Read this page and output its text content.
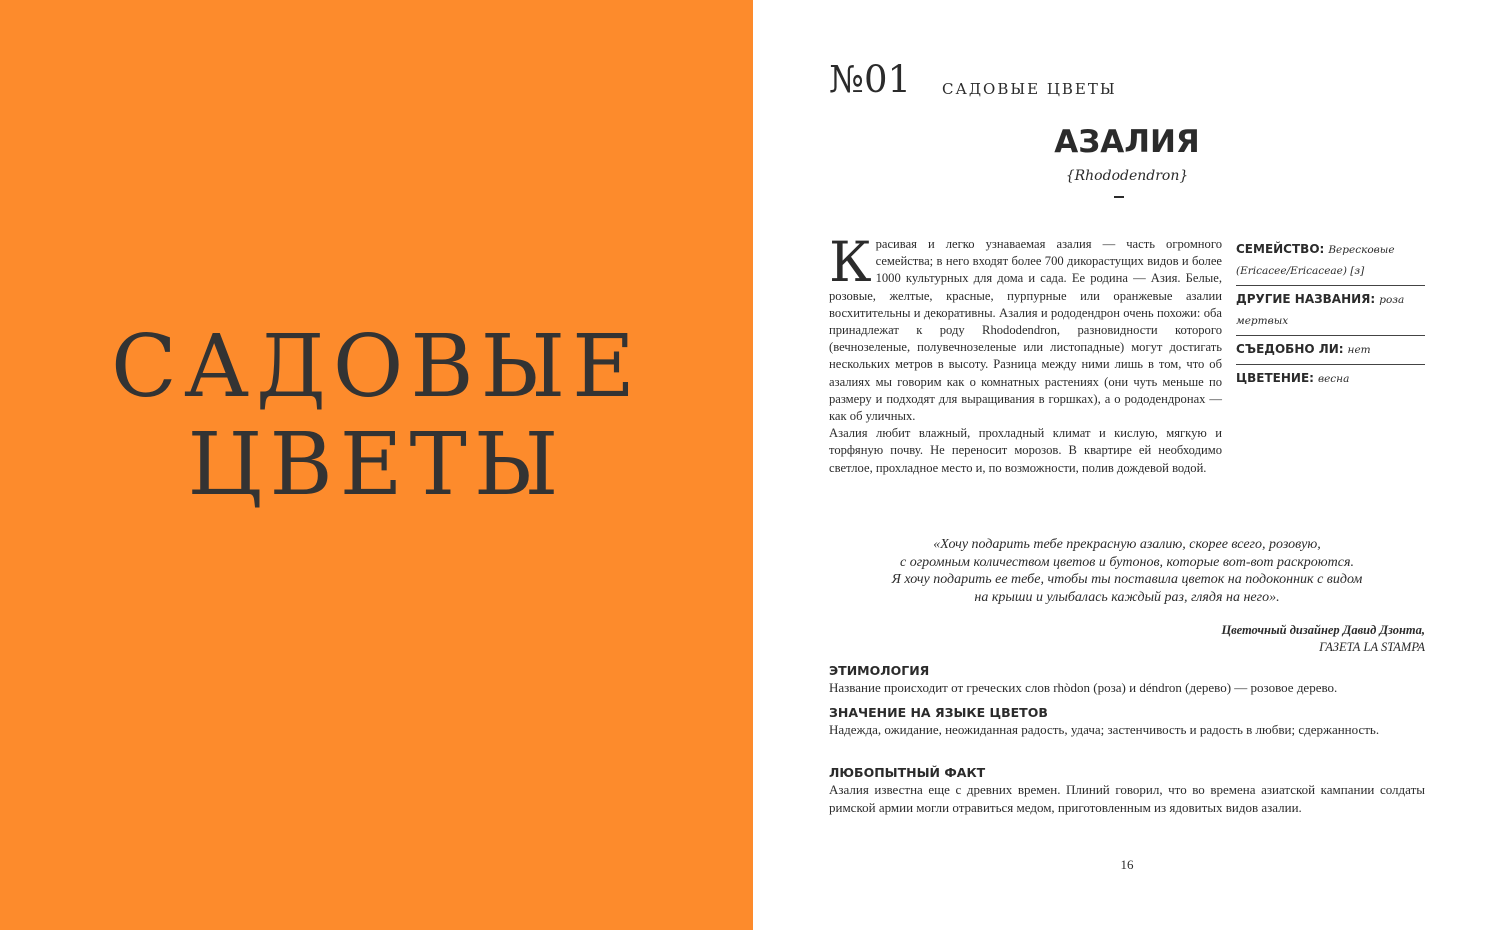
САДОВЫЕ
ЦВЕТЫ
№01 САДОВЫЕ ЦВЕТЫ
АЗАЛИЯ
{Rhododendron}
К расивая и легко узнаваемая азалия — часть огромного семейства; в него входят более 700 дикорастущих видов и более 1000 культурных для дома и сада. Ее родина — Азия. Белые, розовые, желтые, красные, пурпурные или оранжевые азалии восхитительны и декоративны. Азалия и рододендрон очень похожи: оба принадлежат к роду Rhododendron, разновидности которого (вечнозеленые, полувечнозеленые или листопадные) могут достигать нескольких метров в высоту. Разница между ними лишь в том, что об азалиях мы говорим как о комнатных растениях (они чуть меньше по размеру и подходят для выращивания в горшках), а о рододендронах — как об уличных.

Азалия любит влажный, прохладный климат и кислую, мягкую и торфяную почву. Не переносит морозов. В квартире ей необходимо светлое, прохладное место и, по возможности, полив дождевой водой.

СЕМЕЙСТВО: Вересковые (Ericaceе/Ericaceae) [з]
ДРУГИЕ НАЗВАНИЯ: роза мертвых
СЪЕДОБНО ЛИ: нет
ЦВЕТЕНИЕ: весна
«Хочу подарить тебе прекрасную азалию, скорее всего, розовую,
с огромным количеством цветов и бутонов, которые вот-вот раскроются.
Я хочу подарить ее тебе, чтобы ты поставила цветок на подоконник с видом
на крыши и улыбалась каждый раз, глядя на него».
Цветочный дизайнер Давид Дзонта,
ГАЗЕТА LA STAMPA
ЭТИМОЛОГИЯ

Название происходит от греческих слов rhòdon (роза) и déndron (дерево) — розовое дерево.

ЗНАЧЕНИЕ НА ЯЗЫКЕ ЦВЕТОВ

Надежда, ожидание, неожиданная радость, удача; застенчивость и радость в любви; сдержанность.

ЛЮБОПЫТНЫЙ ФАКТ

Азалия известна еще с древних времен. Плиний говорил, что во времена азиатской кампании солдаты римской армии могли отравиться медом, приготовленным из ядовитых видов азалии.

16
